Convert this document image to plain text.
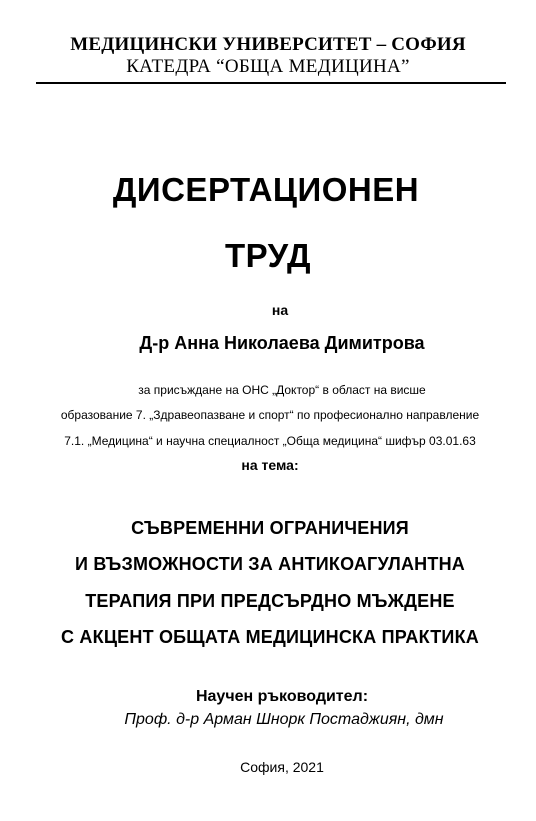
МЕДИЦИНСКИ УНИВЕРСИТЕТ – СОФИЯ
КАТЕДРА “ОБЩА МЕДИЦИНА”
ДИСЕРТАЦИОНЕН
ТРУД
на
Д-р Анна Николаева Димитрова
за присъждане на ОНС „Доктор“ в област на висше
образование 7. „Здравеопазване и спорт“ по професионално направление
7.1. „Медицина“ и научна специалност „Обща медицина“ шифър 03.01.63
на тема:
СЪВРЕМЕННИ ОГРАНИЧЕНИЯ
И ВЪЗМОЖНОСТИ ЗА АНТИКОАГУЛАНТНА
ТЕРАПИЯ ПРИ ПРЕДСЪРДНО МЪЖДЕНЕ
С АКЦЕНТ ОБЩАТА МЕДИЦИНСКА ПРАКТИКА
Научен ръководител:
Проф. д-р Арман Шнорк Постаджиян, дмн
София, 2021
